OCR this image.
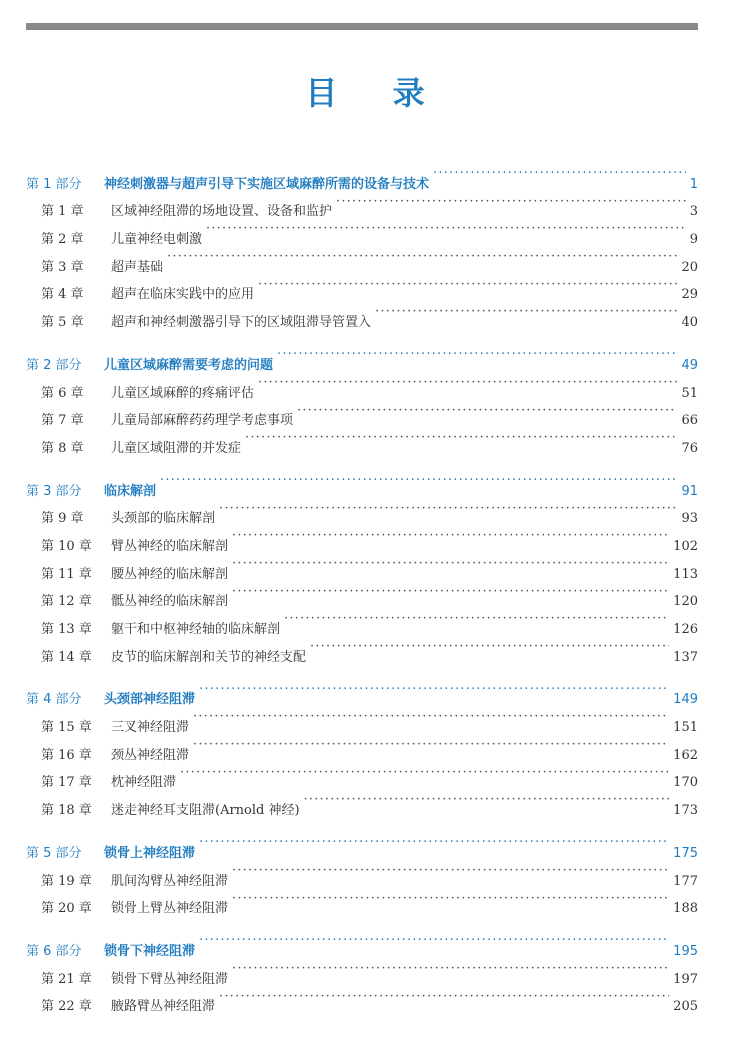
目 录
第 1 部分	神经刺激器与超声引导下实施区域麻醉所需的设备与技术 ·····	1
第 1 章	区域神经阻滞的场地设置、设备和监护 ·····	3
第 2 章	儿童神经电刺激 ·····	9
第 3 章	超声基础 ·····	20
第 4 章	超声在临床实践中的应用 ·····	29
第 5 章	超声和神经刺激器引导下的区域阻滞导管置入 ·····	40
第 2 部分	儿童区域麻醉需要考虑的问题 ·····	49
第 6 章	儿童区域麻醉的疼痛评估 ·····	51
第 7 章	儿童局部麻醉药药理学考虑事项 ·····	66
第 8 章	儿童区域阻滞的并发症 ·····	76
第 3 部分	临床解剖 ·····	91
第 9 章	头颈部的临床解剖 ·····	93
第 10 章	臂丛神经的临床解剖 ·····	102
第 11 章	腰丛神经的临床解剖 ·····	113
第 12 章	骶丛神经的临床解剖 ·····	120
第 13 章	躯干和中枢神经轴的临床解剖 ·····	126
第 14 章	皮节的临床解剖和关节的神经支配 ·····	137
第 4 部分	头颈部神经阻滞 ·····	149
第 15 章	三叉神经阻滞 ·····	151
第 16 章	颈丛神经阻滞 ·····	162
第 17 章	枕神经阻滞 ·····	170
第 18 章	迷走神经耳支阻滞(Arnold 神经) ·····	173
第 5 部分	锁骨上神经阻滞 ·····	175
第 19 章	肌间沟臂丛神经阻滞 ·····	177
第 20 章	锁骨上臂丛神经阻滞 ·····	188
第 6 部分	锁骨下神经阻滞 ·····	195
第 21 章	锁骨下臂丛神经阻滞 ·····	197
第 22 章	腋路臂丛神经阻滞 ·····	205
